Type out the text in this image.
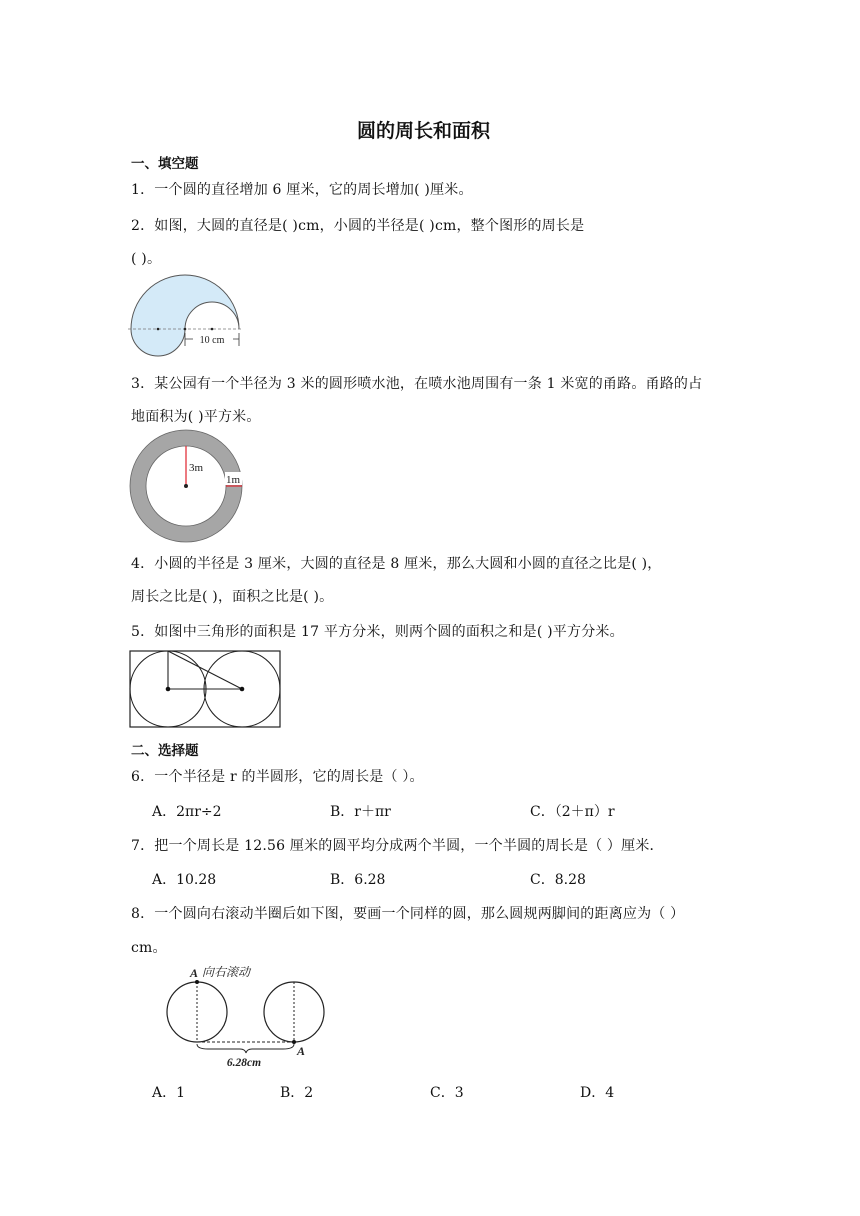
圆的周长和面积
一、填空题
1．一个圆的直径增加 6 厘米，它的周长增加( )厘米。
2．如图，大圆的直径是( )cm，小圆的半径是( )cm，整个图形的周长是
( )。
10 cm
3．某公园有一个半径为 3 米的圆形喷水池，在喷水池周围有一条 1 米宽的甬路。甬路的占
地面积为( )平方米。
3m
1m
4．小圆的半径是 3 厘米，大圆的直径是 8 厘米，那么大圆和小圆的直径之比是( )，
周长之比是( )，面积之比是( )。
5．如图中三角形的面积是 17 平方分米，则两个圆的面积之和是( )平方分米。
二、选择题
6．一个半径是 r 的半圆形，它的周长是（ ）。
A．2πr÷2	B．r＋πr	C．（2＋π）r
7．把一个周长是 12.56 厘米的圆平均分成两个半圆，一个半圆的周长是（ ）厘米．
A．10.28	B．6.28	C．8.28
8．一个圆向右滚动半圈后如下图，要画一个同样的圆，那么圆规两脚间的距离应为（ ）
cm。
A 向右滚动
A
6.28cm
A．1	B．2	C．3	D．4
